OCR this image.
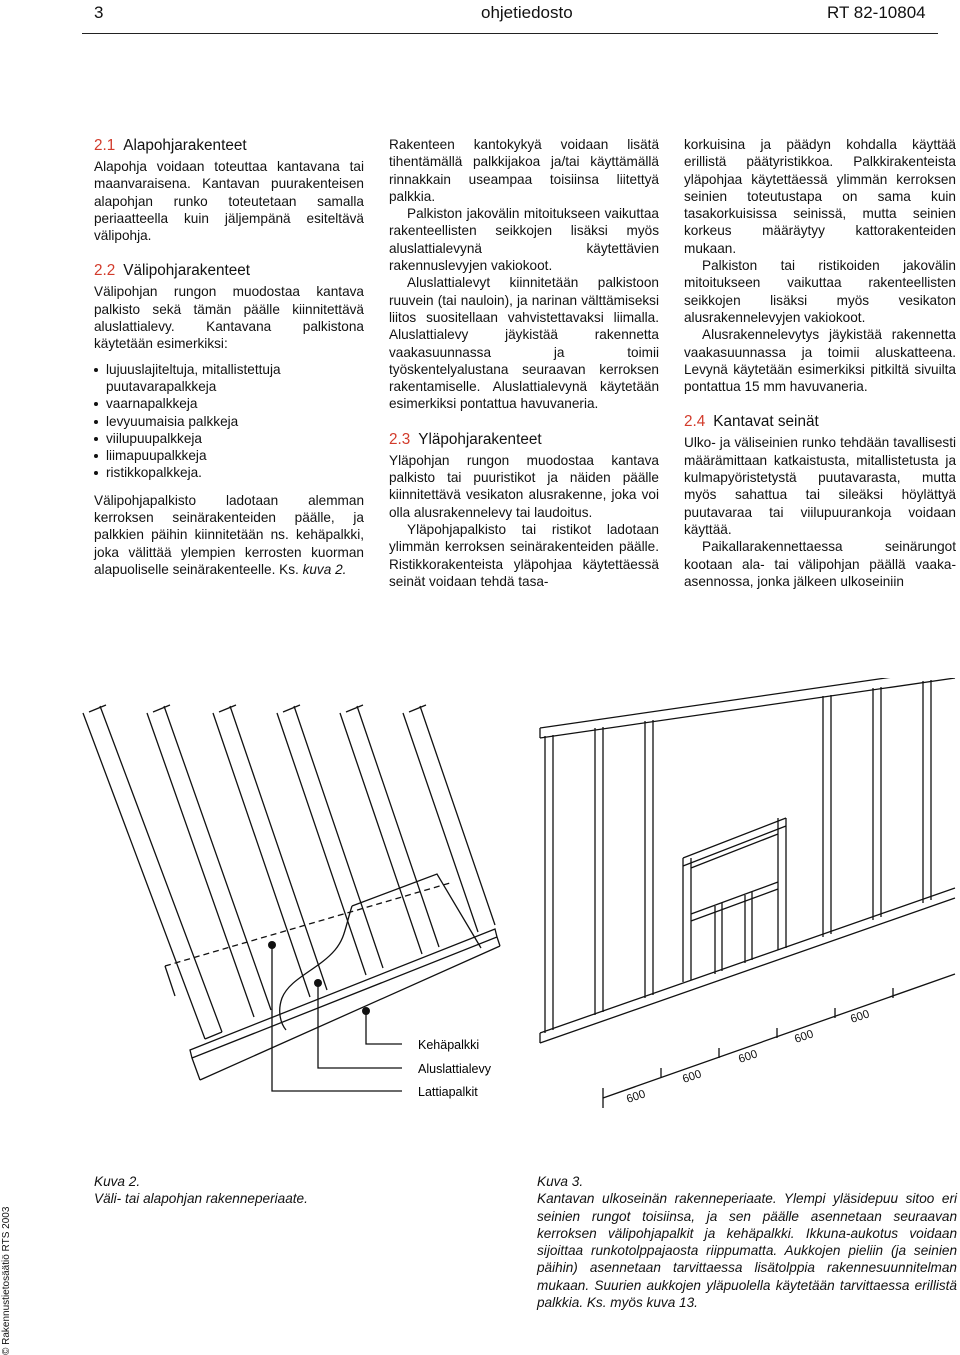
3	ohjetiedosto	RT 82-10804
2.1 Alapohjarakenteet

Alapohja voidaan toteuttaa kantavana tai maanvaraisena. Kantavan puurakenteisen alapohjan runko toteutetaan samalla periaatteella kuin jäljempänä esiteltävä välipohja.

2.2 Välipohjarakenteet

Välipohjan rungon muodostaa kantava palkisto sekä tämän päälle kiinnitettävä aluslattialevy. Kantavana palkistona käytetään esimerkiksi:

lujuuslajiteltuja, mitallistettuja puutavarapalkkeja
vaarnapalkkeja
levyuumaisia palkkeja
viilupuupalkkeja
liimapuupalkkeja
ristikkopalkkeja.

Välipohjapalkisto ladotaan alemman kerroksen seinärakenteiden päälle, ja palkkien päihin kiinnitetään ns. kehäpalkki, joka välittää ylempien kerrosten kuorman alapuoliselle seinärakenteelle. Ks. kuva 2.

Rakenteen kantokykyä voidaan lisätä tihentämällä palkkijakoa ja/tai käyttämällä rinnakkain useampaa toisiinsa liitettyä palkkia.

Palkiston jakovälin mitoitukseen vaikuttaa rakenteellisten seikkojen lisäksi myös aluslattialevynä käytettävien rakennuslevyjen vakiokoot.

Aluslattialevyt kiinnitetään palkistoon ruuvein (tai nauloin), ja narinan välttämiseksi liitos suositellaan vahvistettavaksi liimalla. Aluslattialevy jäykistää rakennetta vaakasuunnassa ja toimii työskentelyalustana seuraavan kerroksen rakentamiselle. Aluslattialevynä käytetään esimerkiksi pontattua havuvaneria.

2.3 Yläpohjarakenteet

Yläpohjan rungon muodostaa kantava palkisto tai puuristikot ja näiden päälle kiinnitettävä vesikaton alusrakenne, joka voi olla alusrakennelevy tai laudoitus.

Yläpohjapalkisto tai ristikot ladotaan ylimmän kerroksen seinärakenteiden päälle. Ristikkorakenteista yläpohjaa käytettäessä seinät voidaan tehdä tasa-

korkuisina ja päädyn kohdalla käyttää erillistä päätyristikkoa. Palkkirakenteista yläpohjaa käytettäessä ylimmän kerroksen seinien toteutustapa on sama kuin tasakorkuisissa seinissä, mutta seinien korkeus määräytyy kattorakenteiden mukaan.

Palkiston tai ristikoiden jakovälin mitoitukseen vaikuttaa rakenteellisten seikkojen lisäksi myös vesikaton alusrakennelevyjen vakiokoot.

Alusrakennelevytys jäykistää rakennetta vaakasuunnassa ja toimii aluskatteena. Levynä käytetään esimerkiksi pitkiltä sivuilta pontattua 15 mm havuvaneria.

2.4 Kantavat seinät

Ulko- ja väliseinien runko tehdään tavallisesti määrämittaan katkaistusta, mitallistetusta ja kulmapyöristetystä puutavarasta, mutta myös sahattua tai sileäksi höylättyä puutavaraa tai viilupuurankoja voidaan käyttää.

Paikallarakennettaessa seinärungot kootaan ala- tai välipohjan päällä vaaka-asennossa, jonka jälkeen ulkoseiniin

Kehäpalkki
Aluslattialevy
Lattiapalkit	600
600
600
600
600
Kuva 2.
Väli- tai alapohjan rakenneperiaate.
Kuva 3.
Kantavan ulkoseinän rakenneperiaate. Ylempi yläsidepuu sitoo eri seinien rungot toisiinsa, ja sen päälle asennetaan seuraavan kerroksen välipohjapalkit ja kehäpalkki. Ikkuna-aukotus voidaan sijoittaa runkotolppajaosta riippumatta. Aukkojen pieliin (ja seinien päihin) asennetaan tarvittaessa lisätolppia rakennesuunnitelman mukaan. Suurien aukkojen yläpuolella käytetään tarvittaessa erillistä palkkia. Ks. myös kuva 13.
© Rakennustietosäätiö RTS 2003
